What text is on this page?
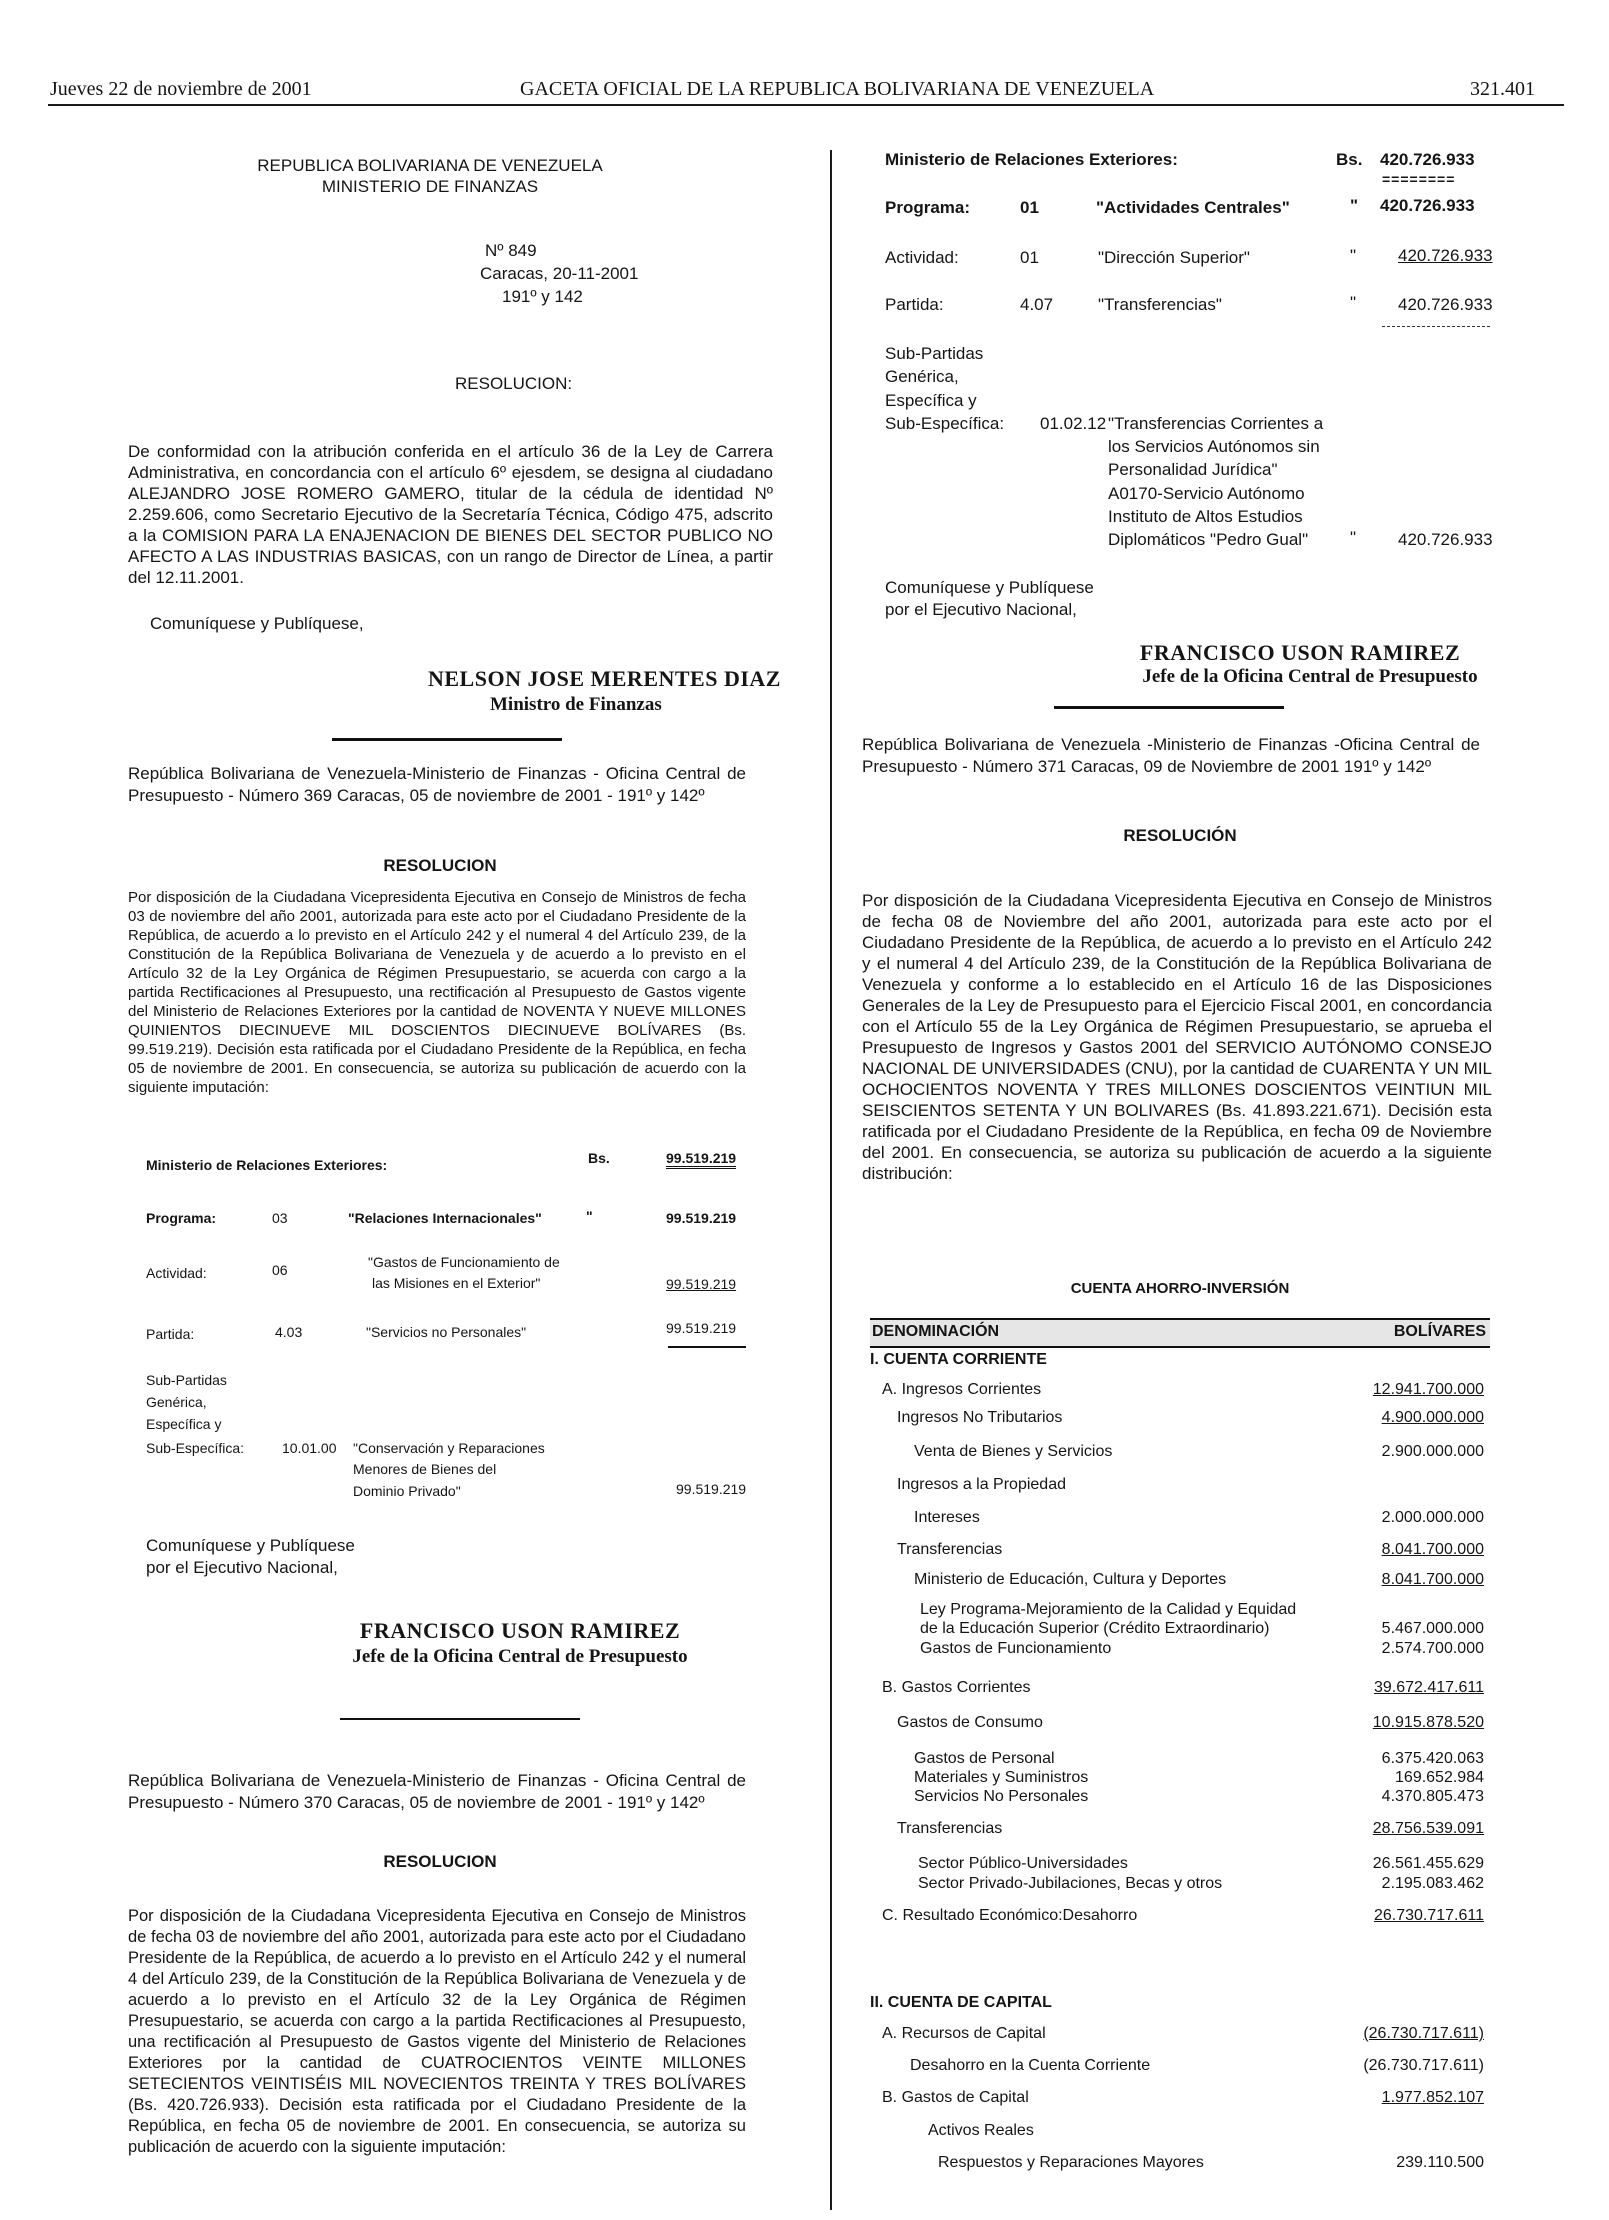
Jueves 22 de noviembre de 2001	GACETA OFICIAL DE LA REPUBLICA BOLIVARIANA DE VENEZUELA	321.401
REPUBLICA BOLIVARIANA DE VENEZUELA
MINISTERIO DE FINANZAS
Nº 849
Caracas, 20-11-2001
191º y 142
RESOLUCION:
De conformidad con la atribución conferida en el artículo 36 de la Ley de Carrera Administrativa, en concordancia con el artículo 6º ejesdem, se designa al ciudadano ALEJANDRO JOSE ROMERO GAMERO, titular de la cédula de identidad Nº 2.259.606, como Secretario Ejecutivo de la Secretaría Técnica, Código 475, adscrito a la COMISION PARA LA ENAJENACION DE BIENES DEL SECTOR PUBLICO NO AFECTO A LAS INDUSTRIAS BASICAS, con un rango de Director de Línea, a partir del 12.11.2001.
Comuníquese y Publíquese,
NELSON JOSE MERENTES DIAZ
Ministro de Finanzas
República Bolivariana de Venezuela-Ministerio de Finanzas - Oficina Central de Presupuesto - Número 369 Caracas, 05 de noviembre de 2001 - 191º y 142º
RESOLUCION
Por disposición de la Ciudadana Vicepresidenta Ejecutiva en Consejo de Ministros de fecha 03 de noviembre del año 2001, autorizada para este acto por el Ciudadano Presidente de la República, de acuerdo a lo previsto en el Artículo 242 y el numeral 4 del Artículo 239, de la Constitución de la República Bolivariana de Venezuela y de acuerdo a lo previsto en el Artículo 32 de la Ley Orgánica de Régimen Presupuestario, se acuerda con cargo a la partida Rectificaciones al Presupuesto, una rectificación al Presupuesto de Gastos vigente del Ministerio de Relaciones Exteriores por la cantidad de NOVENTA Y NUEVE MILLONES QUINIENTOS DIECINUEVE MIL DOSCIENTOS DIECINUEVE BOLÍVARES (Bs. 99.519.219). Decisión esta ratificada por el Ciudadano Presidente de la República, en fecha 05 de noviembre de 2001. En consecuencia, se autoriza su publicación de acuerdo con la siguiente imputación:
Ministerio de Relaciones Exteriores:	Bs.	99.519.219
Programa:	03	"Relaciones Internacionales"	"	99.519.219
Actividad:	06	"Gastos de Funcionamiento de
las Misiones en el Exterior"	99.519.219
Partida:	4.03	"Servicios no Personales"	99.519.219
Sub-Partidas
Genérica,
Específica y
Sub-Específica:	10.01.00 "Conservación y Reparaciones
Menores de Bienes del
Dominio Privado"	99.519.219
Comuníquese y Publíquese
por el Ejecutivo Nacional,
FRANCISCO USON RAMIREZ
Jefe de la Oficina Central de Presupuesto
República Bolivariana de Venezuela-Ministerio de Finanzas - Oficina Central de Presupuesto - Número 370 Caracas, 05 de noviembre de 2001 - 191º y 142º
RESOLUCION
Por disposición de la Ciudadana Vicepresidenta Ejecutiva en Consejo de Ministros de fecha 03 de noviembre del año 2001, autorizada para este acto por el Ciudadano Presidente de la República, de acuerdo a lo previsto en el Artículo 242 y el numeral 4 del Artículo 239, de la Constitución de la República Bolivariana de Venezuela y de acuerdo a lo previsto en el Artículo 32 de la Ley Orgánica de Régimen Presupuestario, se acuerda con cargo a la partida Rectificaciones al Presupuesto, una rectificación al Presupuesto de Gastos vigente del Ministerio de Relaciones Exteriores por la cantidad de CUATROCIENTOS VEINTE MILLONES SETECIENTOS VEINTISÉIS MIL NOVECIENTOS TREINTA Y TRES BOLÍVARES (Bs. 420.726.933). Decisión esta ratificada por el Ciudadano Presidente de la República, en fecha 05 de noviembre de 2001. En consecuencia, se autoriza su publicación de acuerdo con la siguiente imputación:
Ministerio de Relaciones Exteriores:	Bs. 420.726.933
========
Programa:	01	"Actividades Centrales"	" 420.726.933
Actividad:	01	"Dirección Superior"	" 420.726.933
Partida:	4.07	"Transferencias"	" 420.726.933
Sub-Partidas
Genérica,
Específica y
Sub-Específica: 01.02.12 "Transferencias Corrientes a
los Servicios Autónomos sin
Personalidad Jurídica"
A0170-Servicio Autónomo
Instituto de Altos Estudios
Diplomáticos "Pedro Gual" " 420.726.933
Comuníquese y Publíquese
por el Ejecutivo Nacional,
FRANCISCO USON RAMIREZ
Jefe de la Oficina Central de Presupuesto
República Bolivariana de Venezuela -Ministerio de Finanzas -Oficina Central de Presupuesto - Número 371 Caracas, 09 de Noviembre de 2001 191º y 142º
RESOLUCIÓN
Por disposición de la Ciudadana Vicepresidenta Ejecutiva en Consejo de Ministros de fecha 08 de Noviembre del año 2001, autorizada para este acto por el Ciudadano Presidente de la República, de acuerdo a lo previsto en el Artículo 242 y el numeral 4 del Artículo 239, de la Constitución de la República Bolivariana de Venezuela y conforme a lo establecido en el Artículo 16 de las Disposiciones Generales de la Ley de Presupuesto para el Ejercicio Fiscal 2001, en concordancia con el Artículo 55 de la Ley Orgánica de Régimen Presupuestario, se aprueba el Presupuesto de Ingresos y Gastos 2001 del SERVICIO AUTÓNOMO CONSEJO NACIONAL DE UNIVERSIDADES (CNU), por la cantidad de CUARENTA Y UN MIL OCHOCIENTOS NOVENTA Y TRES MILLONES DOSCIENTOS VEINTIUN MIL SEISCIENTOS SETENTA Y UN BOLIVARES (Bs. 41.893.221.671). Decisión esta ratificada por el Ciudadano Presidente de la República, en fecha 09 de Noviembre del 2001. En consecuencia, se autoriza su publicación de acuerdo a la siguiente distribución:
CUENTA AHORRO-INVERSIÓN
DENOMINACIÓN	BOLÍVARES
I. CUENTA CORRIENTE
A. Ingresos Corrientes	12.941.700.000
Ingresos No Tributarios	4.900.000.000
Venta de Bienes y Servicios	2.900.000.000
Ingresos a la Propiedad
Intereses	2.000.000.000
Transferencias	8.041.700.000
Ministerio de Educación, Cultura y Deportes	8.041.700.000
Ley Programa-Mejoramiento de la Calidad y Equidad
de la Educación Superior (Crédito Extraordinario)	5.467.000.000
Gastos de Funcionamiento	2.574.700.000
B. Gastos Corrientes	39.672.417.611
Gastos de Consumo	10.915.878.520
Gastos de Personal	6.375.420.063
Materiales y Suministros	169.652.984
Servicios No Personales	4.370.805.473
Transferencias	28.756.539.091
Sector Público-Universidades	26.561.455.629
Sector Privado-Jubilaciones, Becas y otros	2.195.083.462
C. Resultado Económico:Desahorro	26.730.717.611
II. CUENTA DE CAPITAL
A. Recursos de Capital	(26.730.717.611)
Desahorro en la Cuenta Corriente	(26.730.717.611)
B. Gastos de Capital	1.977.852.107
Activos Reales
Respuestos y Reparaciones Mayores	239.110.500
